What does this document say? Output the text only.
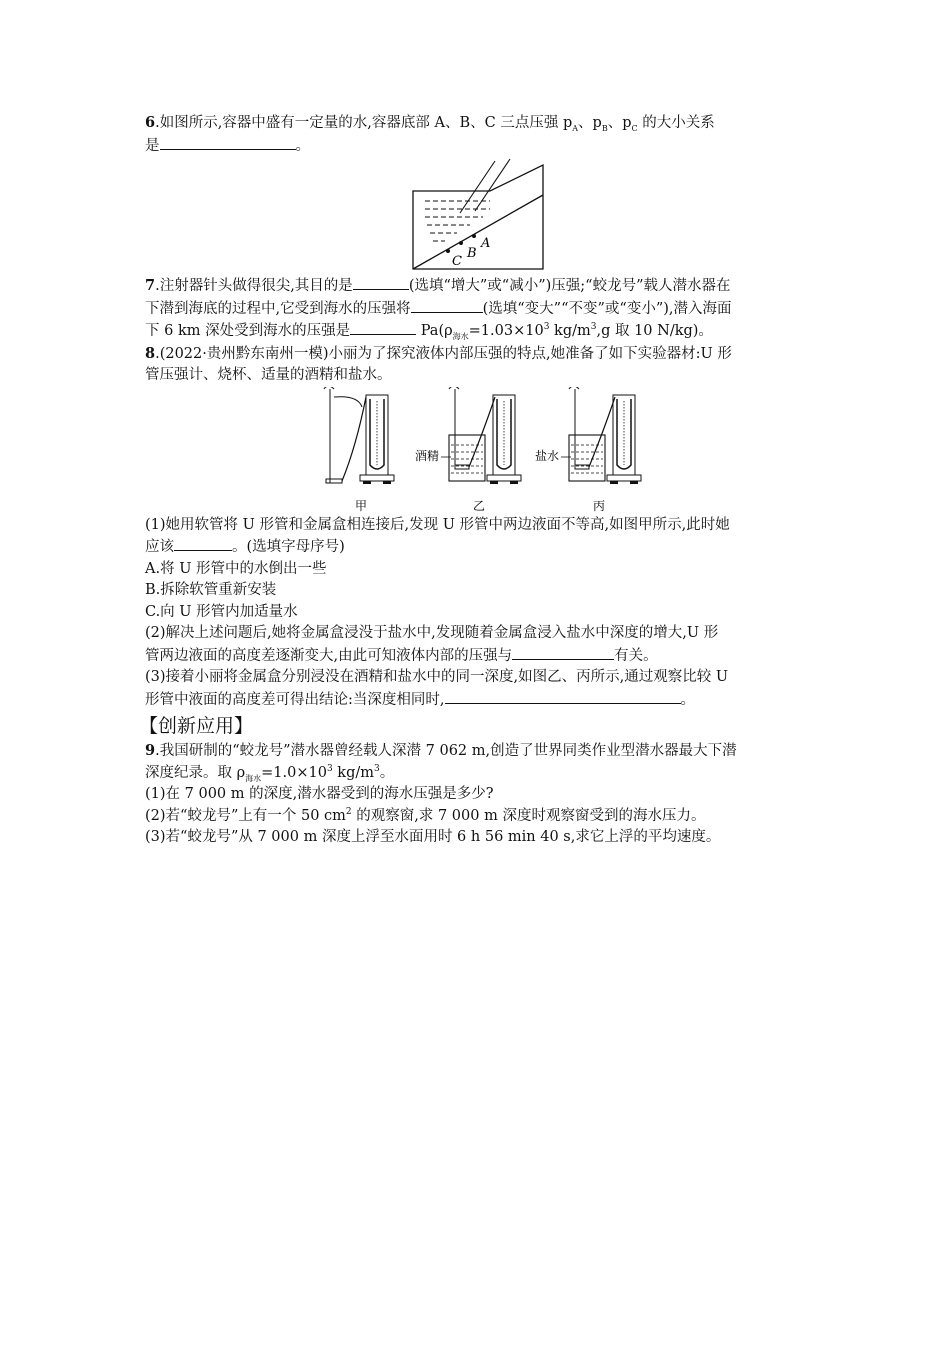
6.如图所示,容器中盛有一定量的水,容器底部 A、B、C 三点压强 $p_A$、$p_B$、$p_C$ 的大小关系
是	。
A
B
C
7.注射器针头做得很尖,其目的是	(选填“增大”或“减小”)压强;“蛟龙号”载人潜水器在
下潜到海底的过程中,它受到海水的压强将	(选填“变大”“不变”或“变小”),潜入海面
下 6 km 深处受到海水的压强是	$Pa(\rho_{海水}=1.03\times 10^3$ $kg/m^3,g$ 取 10 N/kg)。
8.(2022·贵州黔东南州一模)小丽为了探究液体内部压强的特点,她准备了如下实验器材:U 形
管压强计、烧杯、适量的酒精和盐水。
酒精	盐水
甲	乙	丙
(1)她用软管将 U 形管和金属盒相连接后,发现 U 形管中两边液面不等高,如图甲所示,此时她
应该	。(选填字母序号)
A.将 U 形管中的水倒出一些
B.拆除软管重新安装
C.向 U 形管内加适量水
(2)解决上述问题后,她将金属盒浸没于盐水中,发现随着金属盒浸入盐水中深度的增大,U 形
管两边液面的高度差逐渐变大,由此可知液体内部的压强与	有关。
(3)接着小丽将金属盒分别浸没在酒精和盐水中的同一深度,如图乙、丙所示,通过观察比较 U
形管中液面的高度差可得出结论:当深度相同时,	。
【创新应用】
9.我国研制的“蛟龙号”潜水器曾经载人深潜 7 062 m,创造了世界同类作业型潜水器最大下潜
深度纪录。取 $\rho_{海水}=1.0\times 10^3$ $kg/m^3$。
(1)在 7 000 m 的深度,潜水器受到的海水压强是多少?
(2)若“蛟龙号”上有一个 50 $cm^2$ 的观察窗,求 7 000 m 深度时观察窗受到的海水压力。
(3)若“蛟龙号”从 7 000 m 深度上浮至水面用时 6 h 56 min 40 s,求它上浮的平均速度。
